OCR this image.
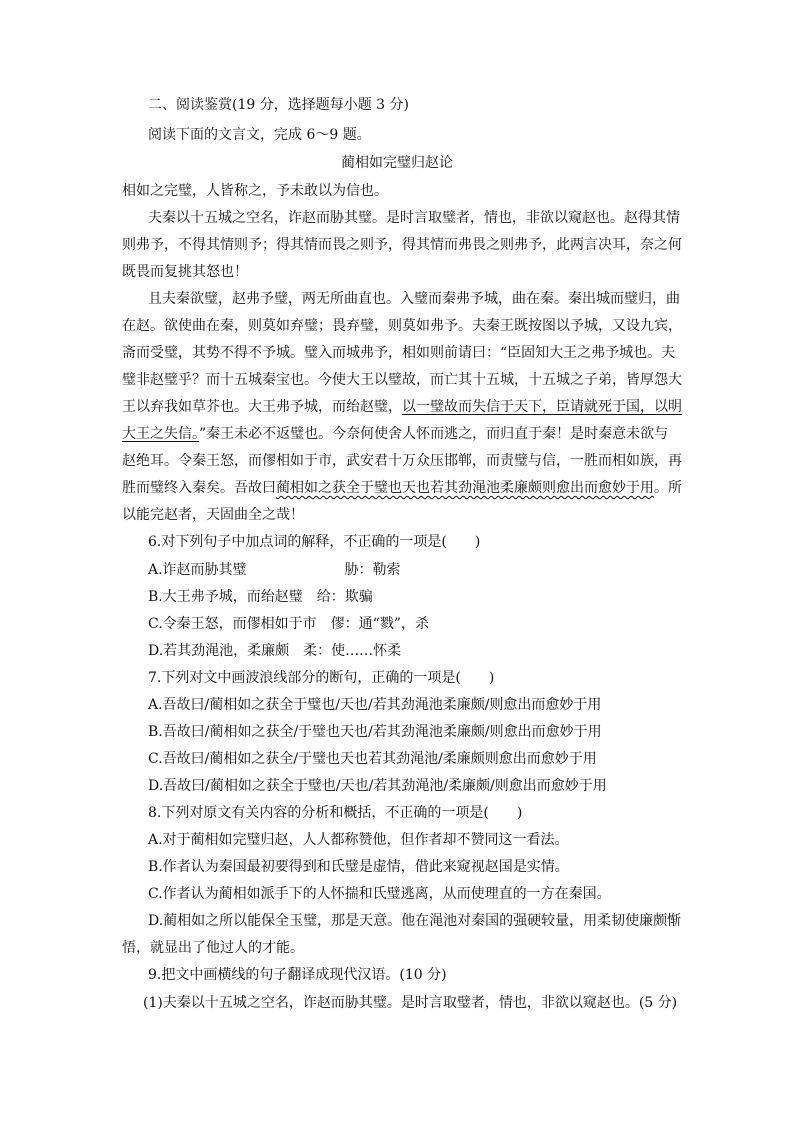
二、阅读鉴赏(19 分，选择题每小题 3 分)
阅读下面的文言文，完成 6～9 题。
蔺相如完璧归赵论
相如之完璧，人皆称之，予未敢以为信也。
夫秦以十五城之空名，诈赵而胁其璧。是时言取璧者，情也，非欲以窥赵也。赵得其情
则弗予，不得其情则予；得其情而畏之则予，得其情而弗畏之则弗予，此两言决耳，奈之何
既畏而复挑其怒也！
且夫秦欲璧，赵弗予璧，两无所曲直也。入璧而秦弗予城，曲在秦。秦出城而璧归，曲
在赵。欲使曲在秦，则莫如弃璧；畏弃璧，则莫如弗予。夫秦王既按图以予城，又设九宾，
斋而受璧，其势不得不予城。璧入而城弗予，相如则前请曰：“臣固知大王之弗予城也。夫
璧非赵璧乎？而十五城秦宝也。今使大王以璧故，而亡其十五城，十五城之子弟，皆厚怨大
王以弃我如草芥也。大王弗予城，而绐赵璧，以一璧故而失信于天下，臣请就死于国，以明
大王之失信。”秦王未必不返璧也。今奈何使舍人怀而逃之，而归直于秦！是时秦意未欲与
赵绝耳。令秦王怒，而僇相如于市，武安君十万众压邯郸，而责璧与信，一胜而相如族，再
胜而璧终入秦矣。吾故曰蔺相如之获全于璧也天也若其劲渑池柔廉颇则愈出而愈妙于用。所
以能完赵者，天固曲全之哉！
6.对下列句子中加点词的解释，不正确的一项是(　　)
A.诈赵而胁其璧　　　　　　　胁：勒索
B.大王弗予城，而绐赵璧　给：欺骗
C.令秦王怒，而僇相如于市　僇：通“戮”，杀
D.若其劲渑池，柔廉颇　柔：使……怀柔
7.下列对文中画波浪线部分的断句，正确的一项是(　　)
A.吾故曰/蔺相如之获全于璧也/天也/若其劲渑池柔廉颇/则愈出而愈妙于用
B.吾故曰/蔺相如之获全/于璧也天也/若其劲渑池柔廉颇/则愈出而愈妙于用
C.吾故曰/蔺相如之获全/于璧也天也若其劲渑池/柔廉颇则愈出而愈妙于用
D.吾故曰/蔺相如之获全于璧也/天也/若其劲渑池/柔廉颇/则愈出而愈妙于用
8.下列对原文有关内容的分析和概括，不正确的一项是(　　)
A.对于蔺相如完璧归赵，人人都称赞他，但作者却不赞同这一看法。
B.作者认为秦国最初要得到和氏璧是虚情，借此来窥视赵国是实情。
C.作者认为蔺相如派手下的人怀揣和氏璧逃离，从而使理直的一方在秦国。
D.蔺相如之所以能保全玉璧，那是天意。他在渑池对秦国的强硬较量，用柔韧使廉颇惭
悟，就显出了他过人的才能。
9.把文中画横线的句子翻译成现代汉语。(10 分)
(1)夫秦以十五城之空名，诈赵而胁其璧。是时言取璧者，情也，非欲以窥赵也。(5 分)
